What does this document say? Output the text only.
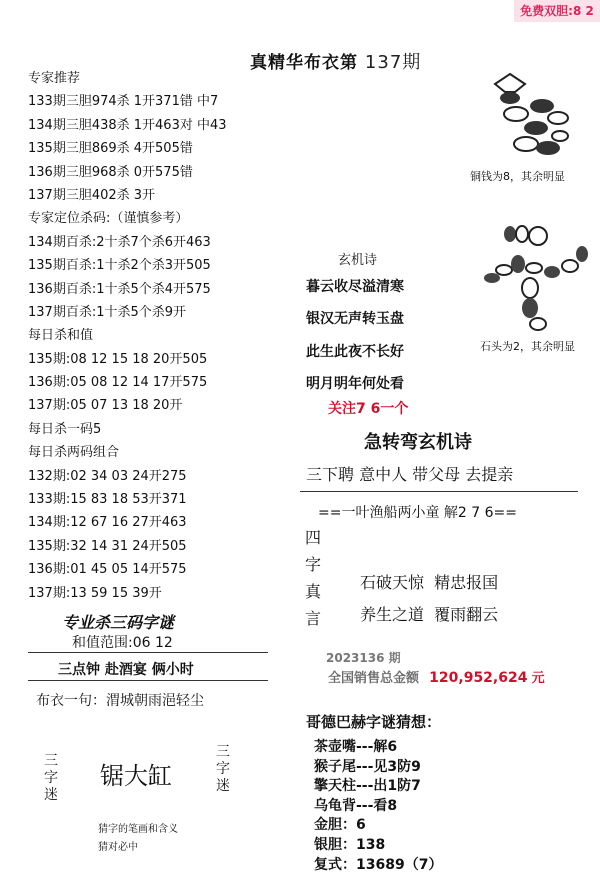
免费双胆:8 2
真精华布衣第 137期
专家推荐
133期三胆974杀 1开371错 中7
134期三胆438杀 1开463对 中43
135期三胆869杀 4开505错
136期三胆968杀 0开575错
137期三胆402杀 3开
专家定位杀码:（谨慎参考）
134期百杀:2十杀7个杀6开463
135期百杀:1十杀2个杀3开505
136期百杀:1十杀5个杀4开575
137期百杀:1十杀5个杀9开
每日杀和值
135期:08 12 15 18 20开505
136期:05 08 12 14 17开575
137期:05 07 13 18 20开
每日杀一码5
每日杀两码组合
132期:02 34 03 24开275
133期:15 83 18 53开371
134期:12 67 16 27开463
135期:32 14 31 24开505
136期:01 45 05 14开575
137期:13 59 15 39开
专业杀三码字谜
和值范围:06 12
三点钟 赴酒宴 俩小时
布衣一句：渭城朝雨浥轻尘
三
字
迷
锯大缸
三
字
迷
猜字的笔画和含义
猜对必中
铜钱为8，其余明显
石头为2，其余明显
玄机诗
暮云收尽溢清寒
银汉无声转玉盘
此生此夜不长好
明月明年何处看
关注7 6一个
急转弯玄机诗
三下聘 意中人 带父母 去提亲
==一叶渔船两小童 解2 7 6==
四
字
真
言
石破天惊  精忠报国
养生之道  覆雨翻云
2023136 期
全国销售总金额 120,952,624 元
哥德巴赫字谜猜想：
茶壶嘴---解6
猴子尾---见3防9
擎天柱---出1防7
乌龟背---看8
金胆：6
银胆：138
复式：13689（7）
